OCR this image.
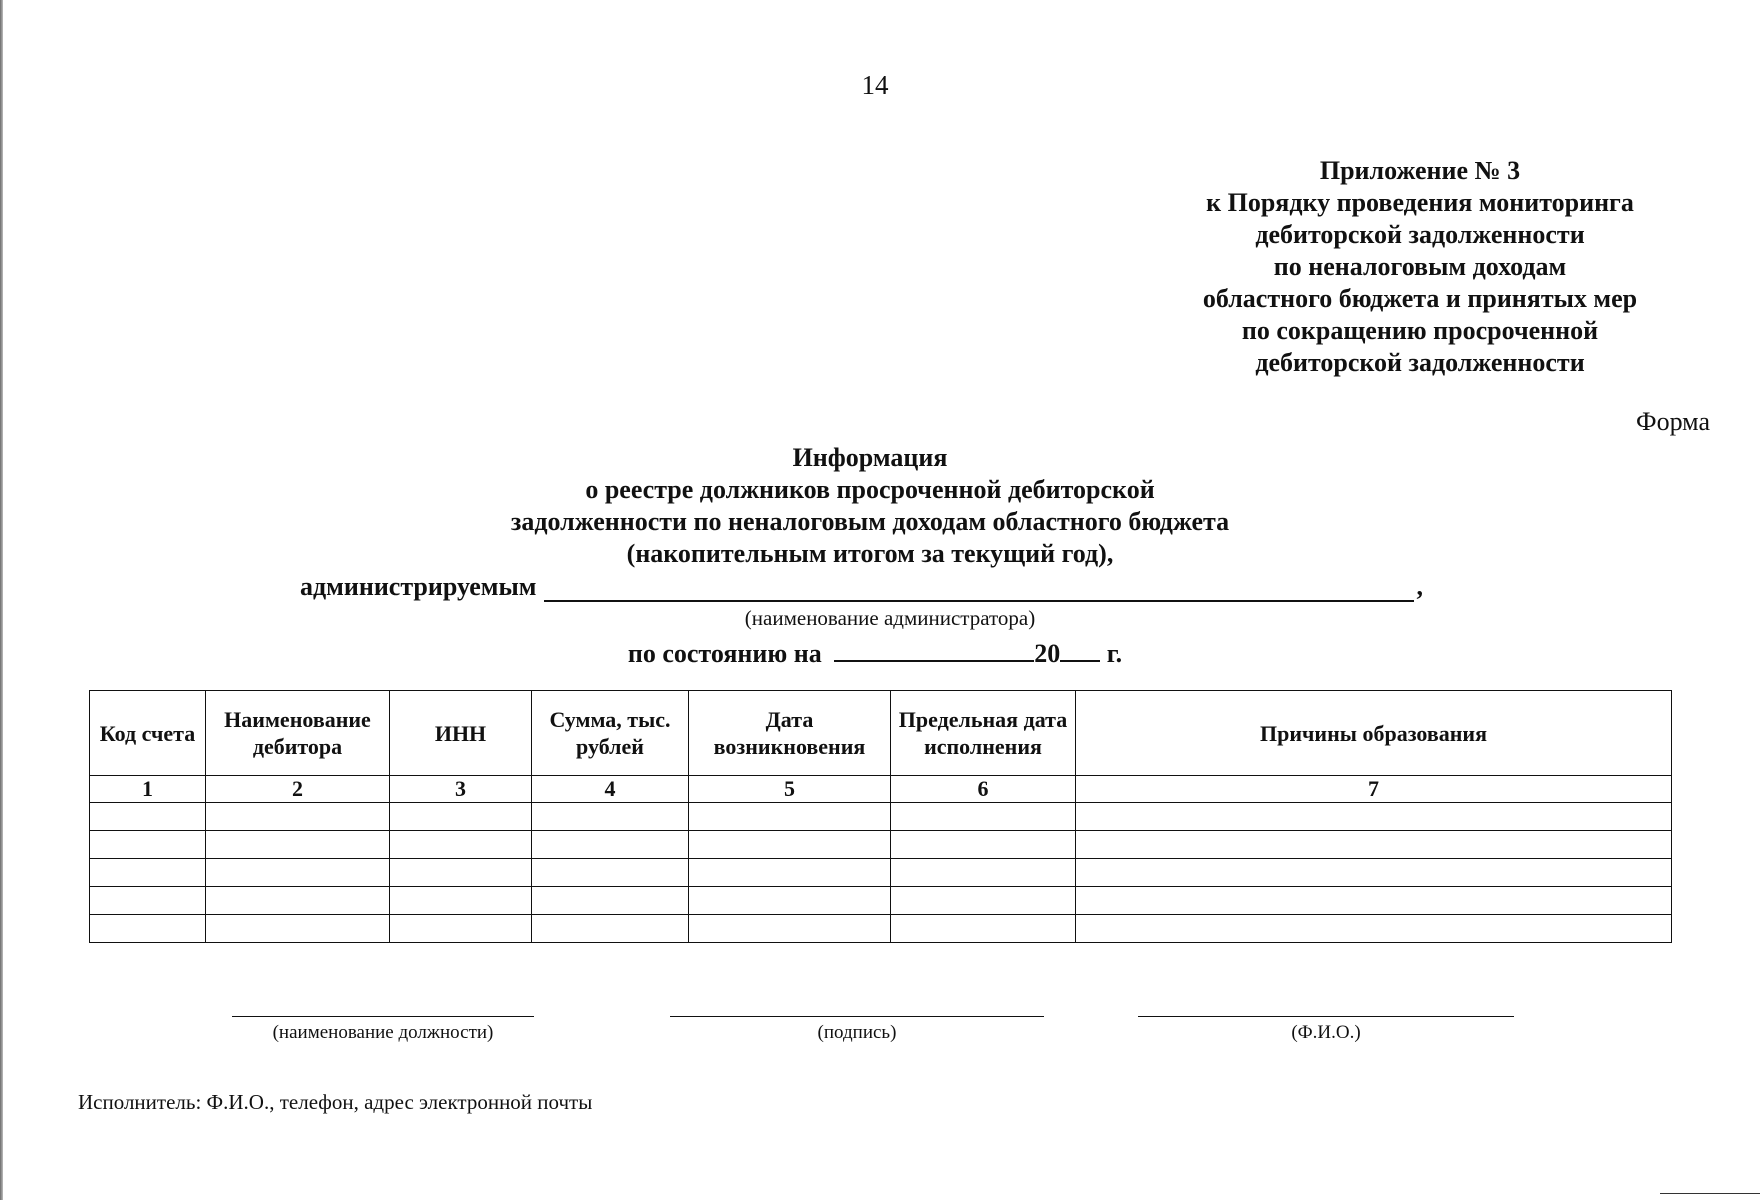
14
Приложение № 3
к Порядку проведения мониторинга
дебиторской задолженности
по неналоговым доходам
областного бюджета и принятых мер
по сокращению просроченной
дебиторской задолженности
Форма
Информация
о реестре должников просроченной дебиторской
задолженности по неналоговым доходам областного бюджета
(накопительным итогом за текущий год),
администрируемым	,
(наименование администратора)
по состоянию на	20 г.
Код счета	Наименование дебитора	ИНН	Сумма, тыс. рублей	Дата возникновения	Предельная дата исполнения	Причины образования
1	2	3	4	5	6	7

(наименование должности)	(подпись)	(Ф.И.О.)
Исполнитель: Ф.И.О., телефон, адрес электронной почты
